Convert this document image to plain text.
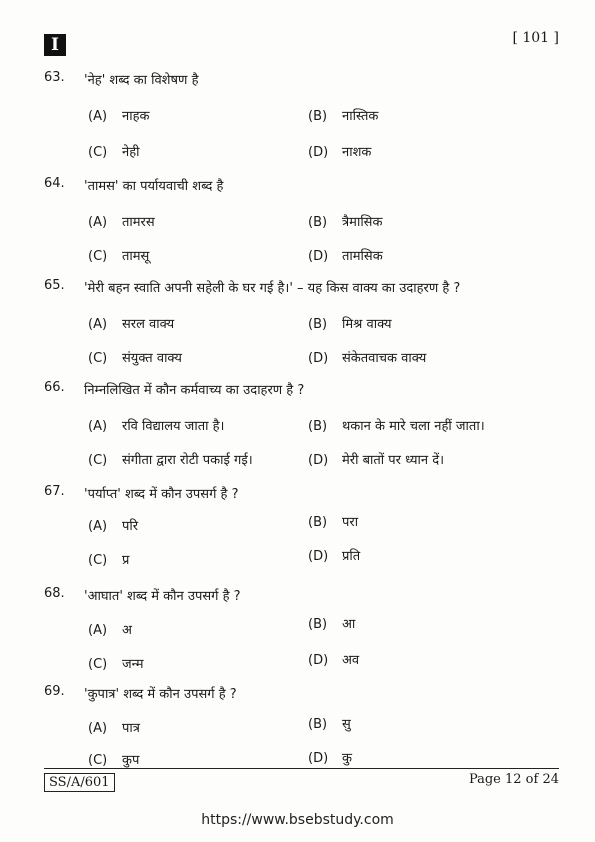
I	[ 101 ]
63. 'नेह' शब्द का विशेषण है
(A) नाहक	(B) नास्तिक
(C) नेही	(D) नाशक
64. 'तामस' का पर्यायवाची शब्द है
(A) तामरस	(B) त्रैमासिक
(C) तामसू	(D) तामसिक
65. 'मेरी बहन स्वाति अपनी सहेली के घर गई है।' – यह किस वाक्य का उदाहरण है ?
(A) सरल वाक्य	(B) मिश्र वाक्य
(C) संयुक्त वाक्य	(D) संकेतवाचक वाक्य
66. निम्नलिखित में कौन कर्मवाच्य का उदाहरण है ?
(A) रवि विद्यालय जाता है।	(B) थकान के मारे चला नहीं जाता।
(C) संगीता द्वारा रोटी पकाई गई।	(D) मेरी बातों पर ध्यान दें।
67. 'पर्याप्त' शब्द में कौन उपसर्ग है ?
(A) परि	(B) परा
(C) प्र	(D) प्रति
68. 'आघात' शब्द में कौन उपसर्ग है ?
(A) अ	(B) आ
(C) जन्म	(D) अव
69. 'कुपात्र' शब्द में कौन उपसर्ग है ?
(A) पात्र	(B) सु
(C) कुप	(D) कु
SS/A/601	Page 12 of 24
https://www.bsebstudy.com
